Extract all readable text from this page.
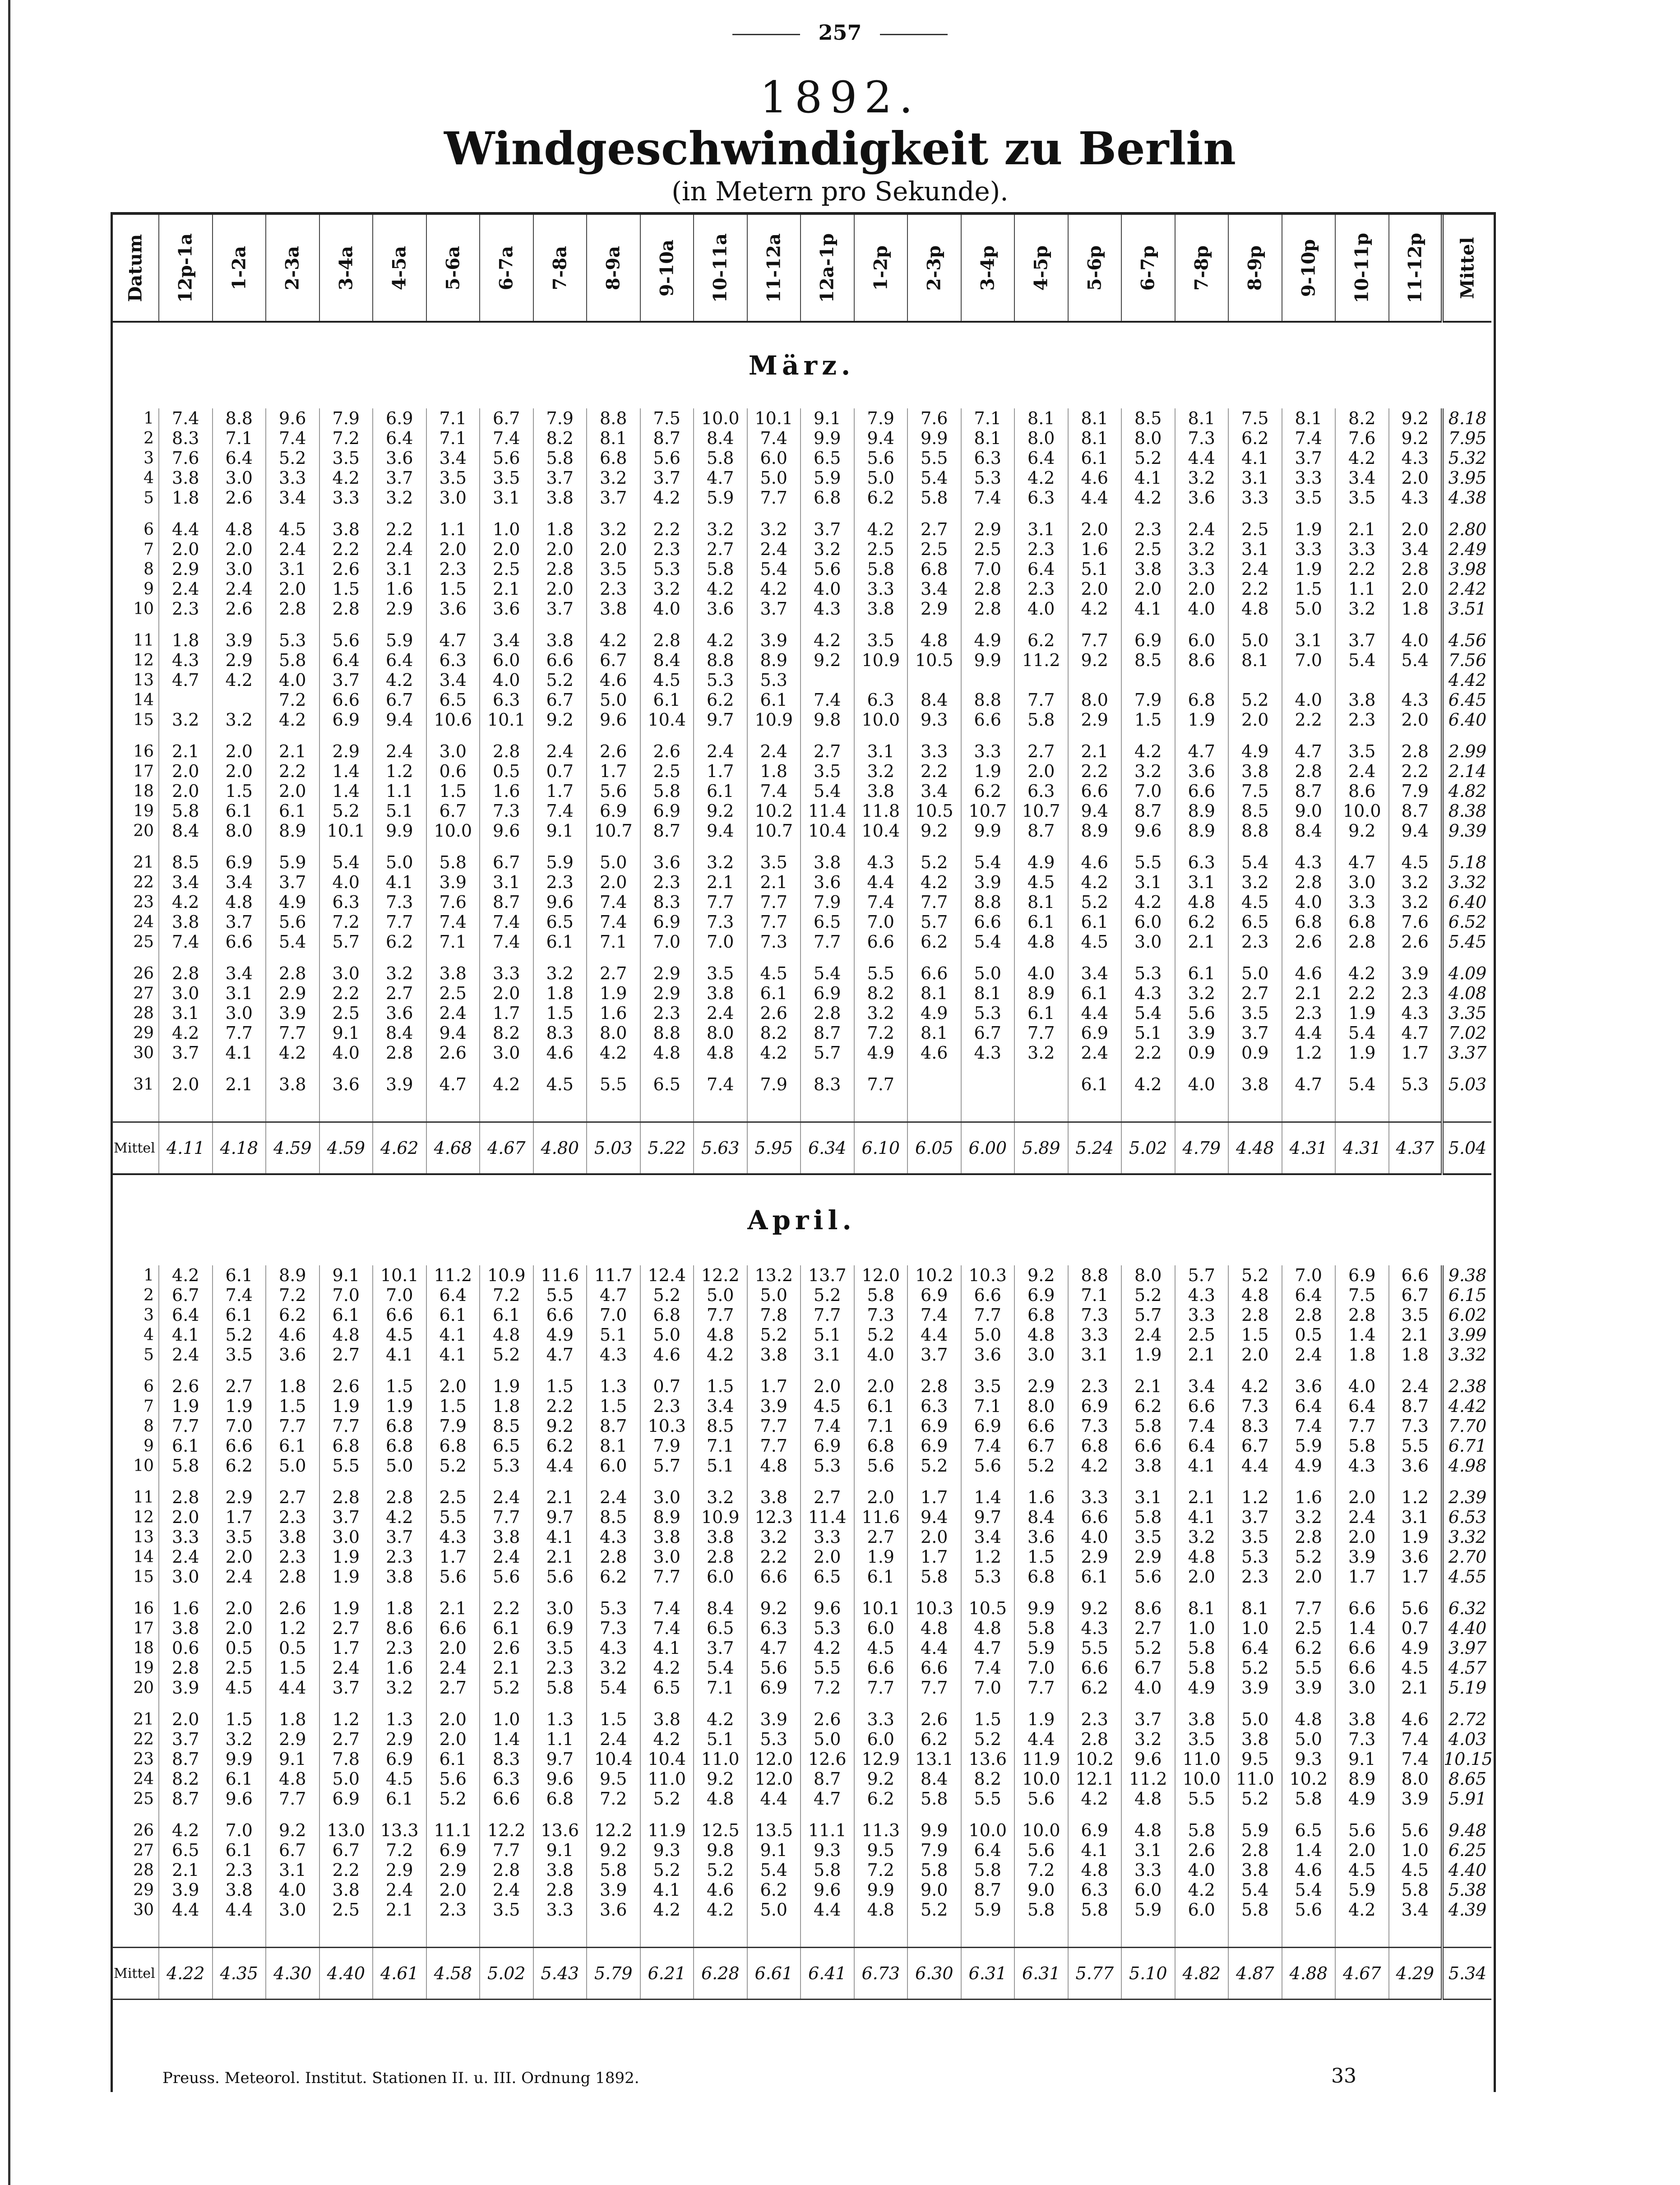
257
1892.
Windgeschwindigkeit zu Berlin
(in Metern pro Sekunde).
Datum	12p-1a	1-2a	2-3a	3-4a	4-5a	5-6a	6-7a	7-8a	8-9a	9-10a	10-11a	11-12a	12a-1p	1-2p	2-3p	3-4p	4-5p	5-6p	6-7p	7-8p	8-9p	9-10p	10-11p	11-12p	Mittel

März.																									
1	7.4	8.8	9.6	7.9	6.9	7.1	6.7	7.9	8.8	7.5	10.0	10.1	9.1	7.9	7.6	7.1	8.1	8.1	8.5	8.1	7.5	8.1	8.2	9.2	8.18
2	8.3	7.1	7.4	7.2	6.4	7.1	7.4	8.2	8.1	8.7	8.4	7.4	9.9	9.4	9.9	8.1	8.0	8.1	8.0	7.3	6.2	7.4	7.6	9.2	7.95
3	7.6	6.4	5.2	3.5	3.6	3.4	5.6	5.8	6.8	5.6	5.8	6.0	6.5	5.6	5.5	6.3	6.4	6.1	5.2	4.4	4.1	3.7	4.2	4.3	5.32
4	3.8	3.0	3.3	4.2	3.7	3.5	3.5	3.7	3.2	3.7	4.7	5.0	5.9	5.0	5.4	5.3	4.2	4.6	4.1	3.2	3.1	3.3	3.4	2.0	3.95
5	1.8	2.6	3.4	3.3	3.2	3.0	3.1	3.8	3.7	4.2	5.9	7.7	6.8	6.2	5.8	7.4	6.3	4.4	4.2	3.6	3.3	3.5	3.5	4.3	4.38

6	4.4	4.8	4.5	3.8	2.2	1.1	1.0	1.8	3.2	2.2	3.2	3.2	3.7	4.2	2.7	2.9	3.1	2.0	2.3	2.4	2.5	1.9	2.1	2.0	2.80
7	2.0	2.0	2.4	2.2	2.4	2.0	2.0	2.0	2.0	2.3	2.7	2.4	3.2	2.5	2.5	2.5	2.3	1.6	2.5	3.2	3.1	3.3	3.3	3.4	2.49
8	2.9	3.0	3.1	2.6	3.1	2.3	2.5	2.8	3.5	5.3	5.8	5.4	5.6	5.8	6.8	7.0	6.4	5.1	3.8	3.3	2.4	1.9	2.2	2.8	3.98
9	2.4	2.4	2.0	1.5	1.6	1.5	2.1	2.0	2.3	3.2	4.2	4.2	4.0	3.3	3.4	2.8	2.3	2.0	2.0	2.0	2.2	1.5	1.1	2.0	2.42
10	2.3	2.6	2.8	2.8	2.9	3.6	3.6	3.7	3.8	4.0	3.6	3.7	4.3	3.8	2.9	2.8	4.0	4.2	4.1	4.0	4.8	5.0	3.2	1.8	3.51

11	1.8	3.9	5.3	5.6	5.9	4.7	3.4	3.8	4.2	2.8	4.2	3.9	4.2	3.5	4.8	4.9	6.2	7.7	6.9	6.0	5.0	3.1	3.7	4.0	4.56
12	4.3	2.9	5.8	6.4	6.4	6.3	6.0	6.6	6.7	8.4	8.8	8.9	9.2	10.9	10.5	9.9	11.2	9.2	8.5	8.6	8.1	7.0	5.4	5.4	7.56
13	4.7	4.2	4.0	3.7	4.2	3.4	4.0	5.2	4.6	4.5	5.3	5.3													4.42
14			7.2	6.6	6.7	6.5	6.3	6.7	5.0	6.1	6.2	6.1	7.4	6.3	8.4	8.8	7.7	8.0	7.9	6.8	5.2	4.0	3.8	4.3	6.45
15	3.2	3.2	4.2	6.9	9.4	10.6	10.1	9.2	9.6	10.4	9.7	10.9	9.8	10.0	9.3	6.6	5.8	2.9	1.5	1.9	2.0	2.2	2.3	2.0	6.40

16	2.1	2.0	2.1	2.9	2.4	3.0	2.8	2.4	2.6	2.6	2.4	2.4	2.7	3.1	3.3	3.3	2.7	2.1	4.2	4.7	4.9	4.7	3.5	2.8	2.99
17	2.0	2.0	2.2	1.4	1.2	0.6	0.5	0.7	1.7	2.5	1.7	1.8	3.5	3.2	2.2	1.9	2.0	2.2	3.2	3.6	3.8	2.8	2.4	2.2	2.14
18	2.0	1.5	2.0	1.4	1.1	1.5	1.6	1.7	5.6	5.8	6.1	7.4	5.4	3.8	3.4	6.2	6.3	6.6	7.0	6.6	7.5	8.7	8.6	7.9	4.82
19	5.8	6.1	6.1	5.2	5.1	6.7	7.3	7.4	6.9	6.9	9.2	10.2	11.4	11.8	10.5	10.7	10.7	9.4	8.7	8.9	8.5	9.0	10.0	8.7	8.38
20	8.4	8.0	8.9	10.1	9.9	10.0	9.6	9.1	10.7	8.7	9.4	10.7	10.4	10.4	9.2	9.9	8.7	8.9	9.6	8.9	8.8	8.4	9.2	9.4	9.39

21	8.5	6.9	5.9	5.4	5.0	5.8	6.7	5.9	5.0	3.6	3.2	3.5	3.8	4.3	5.2	5.4	4.9	4.6	5.5	6.3	5.4	4.3	4.7	4.5	5.18
22	3.4	3.4	3.7	4.0	4.1	3.9	3.1	2.3	2.0	2.3	2.1	2.1	3.6	4.4	4.2	3.9	4.5	4.2	3.1	3.1	3.2	2.8	3.0	3.2	3.32
23	4.2	4.8	4.9	6.3	7.3	7.6	8.7	9.6	7.4	8.3	7.7	7.7	7.9	7.4	7.7	8.8	8.1	5.2	4.2	4.8	4.5	4.0	3.3	3.2	6.40
24	3.8	3.7	5.6	7.2	7.7	7.4	7.4	6.5	7.4	6.9	7.3	7.7	6.5	7.0	5.7	6.6	6.1	6.1	6.0	6.2	6.5	6.8	6.8	7.6	6.52
25	7.4	6.6	5.4	5.7	6.2	7.1	7.4	6.1	7.1	7.0	7.0	7.3	7.7	6.6	6.2	5.4	4.8	4.5	3.0	2.1	2.3	2.6	2.8	2.6	5.45

26	2.8	3.4	2.8	3.0	3.2	3.8	3.3	3.2	2.7	2.9	3.5	4.5	5.4	5.5	6.6	5.0	4.0	3.4	5.3	6.1	5.0	4.6	4.2	3.9	4.09
27	3.0	3.1	2.9	2.2	2.7	2.5	2.0	1.8	1.9	2.9	3.8	6.1	6.9	8.2	8.1	8.1	8.9	6.1	4.3	3.2	2.7	2.1	2.2	2.3	4.08
28	3.1	3.0	3.9	2.5	3.6	2.4	1.7	1.5	1.6	2.3	2.4	2.6	2.8	3.2	4.9	5.3	6.1	4.4	5.4	5.6	3.5	2.3	1.9	4.3	3.35
29	4.2	7.7	7.7	9.1	8.4	9.4	8.2	8.3	8.0	8.8	8.0	8.2	8.7	7.2	8.1	6.7	7.7	6.9	5.1	3.9	3.7	4.4	5.4	4.7	7.02
30	3.7	4.1	4.2	4.0	2.8	2.6	3.0	4.6	4.2	4.8	4.8	4.2	5.7	4.9	4.6	4.3	3.2	2.4	2.2	0.9	0.9	1.2	1.9	1.7	3.37

31	2.0	2.1	3.8	3.6	3.9	4.7	4.2	4.5	5.5	6.5	7.4	7.9	8.3	7.7				6.1	4.2	4.0	3.8	4.7	5.4	5.3	5.03

Mittel	4.11	4.18	4.59	4.59	4.62	4.68	4.67	4.80	5.03	5.22	5.63	5.95	6.34	6.10	6.05	6.00	5.89	5.24	5.02	4.79	4.48	4.31	4.31	4.37	5.04
April.																									
1	4.2	6.1	8.9	9.1	10.1	11.2	10.9	11.6	11.7	12.4	12.2	13.2	13.7	12.0	10.2	10.3	9.2	8.8	8.0	5.7	5.2	7.0	6.9	6.6	9.38
2	6.7	7.4	7.2	7.0	7.0	6.4	7.2	5.5	4.7	5.2	5.0	5.0	5.2	5.8	6.9	6.6	6.9	7.1	5.2	4.3	4.8	6.4	7.5	6.7	6.15
3	6.4	6.1	6.2	6.1	6.6	6.1	6.1	6.6	7.0	6.8	7.7	7.8	7.7	7.3	7.4	7.7	6.8	7.3	5.7	3.3	2.8	2.8	2.8	3.5	6.02
4	4.1	5.2	4.6	4.8	4.5	4.1	4.8	4.9	5.1	5.0	4.8	5.2	5.1	5.2	4.4	5.0	4.8	3.3	2.4	2.5	1.5	0.5	1.4	2.1	3.99
5	2.4	3.5	3.6	2.7	4.1	4.1	5.2	4.7	4.3	4.6	4.2	3.8	3.1	4.0	3.7	3.6	3.0	3.1	1.9	2.1	2.0	2.4	1.8	1.8	3.32

6	2.6	2.7	1.8	2.6	1.5	2.0	1.9	1.5	1.3	0.7	1.5	1.7	2.0	2.0	2.8	3.5	2.9	2.3	2.1	3.4	4.2	3.6	4.0	2.4	2.38
7	1.9	1.9	1.5	1.9	1.9	1.5	1.8	2.2	1.5	2.3	3.4	3.9	4.5	6.1	6.3	7.1	8.0	6.9	6.2	6.6	7.3	6.4	6.4	8.7	4.42
8	7.7	7.0	7.7	7.7	6.8	7.9	8.5	9.2	8.7	10.3	8.5	7.7	7.4	7.1	6.9	6.9	6.6	7.3	5.8	7.4	8.3	7.4	7.7	7.3	7.70
9	6.1	6.6	6.1	6.8	6.8	6.8	6.5	6.2	8.1	7.9	7.1	7.7	6.9	6.8	6.9	7.4	6.7	6.8	6.6	6.4	6.7	5.9	5.8	5.5	6.71
10	5.8	6.2	5.0	5.5	5.0	5.2	5.3	4.4	6.0	5.7	5.1	4.8	5.3	5.6	5.2	5.6	5.2	4.2	3.8	4.1	4.4	4.9	4.3	3.6	4.98

11	2.8	2.9	2.7	2.8	2.8	2.5	2.4	2.1	2.4	3.0	3.2	3.8	2.7	2.0	1.7	1.4	1.6	3.3	3.1	2.1	1.2	1.6	2.0	1.2	2.39
12	2.0	1.7	2.3	3.7	4.2	5.5	7.7	9.7	8.5	8.9	10.9	12.3	11.4	11.6	9.4	9.7	8.4	6.6	5.8	4.1	3.7	3.2	2.4	3.1	6.53
13	3.3	3.5	3.8	3.0	3.7	4.3	3.8	4.1	4.3	3.8	3.8	3.2	3.3	2.7	2.0	3.4	3.6	4.0	3.5	3.2	3.5	2.8	2.0	1.9	3.32
14	2.4	2.0	2.3	1.9	2.3	1.7	2.4	2.1	2.8	3.0	2.8	2.2	2.0	1.9	1.7	1.2	1.5	2.9	2.9	4.8	5.3	5.2	3.9	3.6	2.70
15	3.0	2.4	2.8	1.9	3.8	5.6	5.6	5.6	6.2	7.7	6.0	6.6	6.5	6.1	5.8	5.3	6.8	6.1	5.6	2.0	2.3	2.0	1.7	1.7	4.55

16	1.6	2.0	2.6	1.9	1.8	2.1	2.2	3.0	5.3	7.4	8.4	9.2	9.6	10.1	10.3	10.5	9.9	9.2	8.6	8.1	8.1	7.7	6.6	5.6	6.32
17	3.8	2.0	1.2	2.7	8.6	6.6	6.1	6.9	7.3	7.4	6.5	6.3	5.3	6.0	4.8	4.8	5.8	4.3	2.7	1.0	1.0	2.5	1.4	0.7	4.40
18	0.6	0.5	0.5	1.7	2.3	2.0	2.6	3.5	4.3	4.1	3.7	4.7	4.2	4.5	4.4	4.7	5.9	5.5	5.2	5.8	6.4	6.2	6.6	4.9	3.97
19	2.8	2.5	1.5	2.4	1.6	2.4	2.1	2.3	3.2	4.2	5.4	5.6	5.5	6.6	6.6	7.4	7.0	6.6	6.7	5.8	5.2	5.5	6.6	4.5	4.57
20	3.9	4.5	4.4	3.7	3.2	2.7	5.2	5.8	5.4	6.5	7.1	6.9	7.2	7.7	7.7	7.0	7.7	6.2	4.0	4.9	3.9	3.9	3.0	2.1	5.19

21	2.0	1.5	1.8	1.2	1.3	2.0	1.0	1.3	1.5	3.8	4.2	3.9	2.6	3.3	2.6	1.5	1.9	2.3	3.7	3.8	5.0	4.8	3.8	4.6	2.72
22	3.7	3.2	2.9	2.7	2.9	2.0	1.4	1.1	2.4	4.2	5.1	5.3	5.0	6.0	6.2	5.2	4.4	2.8	3.2	3.5	3.8	5.0	7.3	7.4	4.03
23	8.7	9.9	9.1	7.8	6.9	6.1	8.3	9.7	10.4	10.4	11.0	12.0	12.6	12.9	13.1	13.6	11.9	10.2	9.6	11.0	9.5	9.3	9.1	7.4	10.15
24	8.2	6.1	4.8	5.0	4.5	5.6	6.3	9.6	9.5	11.0	9.2	12.0	8.7	9.2	8.4	8.2	10.0	12.1	11.2	10.0	11.0	10.2	8.9	8.0	8.65
25	8.7	9.6	7.7	6.9	6.1	5.2	6.6	6.8	7.2	5.2	4.8	4.4	4.7	6.2	5.8	5.5	5.6	4.2	4.8	5.5	5.2	5.8	4.9	3.9	5.91

26	4.2	7.0	9.2	13.0	13.3	11.1	12.2	13.6	12.2	11.9	12.5	13.5	11.1	11.3	9.9	10.0	10.0	6.9	4.8	5.8	5.9	6.5	5.6	5.6	9.48
27	6.5	6.1	6.7	6.7	7.2	6.9	7.7	9.1	9.2	9.3	9.8	9.1	9.3	9.5	7.9	6.4	5.6	4.1	3.1	2.6	2.8	1.4	2.0	1.0	6.25
28	2.1	2.3	3.1	2.2	2.9	2.9	2.8	3.8	5.8	5.2	5.2	5.4	5.8	7.2	5.8	5.8	7.2	4.8	3.3	4.0	3.8	4.6	4.5	4.5	4.40
29	3.9	3.8	4.0	3.8	2.4	2.0	2.4	2.8	3.9	4.1	4.6	6.2	9.6	9.9	9.0	8.7	9.0	6.3	6.0	4.2	5.4	5.4	5.9	5.8	5.38
30	4.4	4.4	3.0	2.5	2.1	2.3	3.5	3.3	3.6	4.2	4.2	5.0	4.4	4.8	5.2	5.9	5.8	5.8	5.9	6.0	5.8	5.6	4.2	3.4	4.39

Mittel	4.22	4.35	4.30	4.40	4.61	4.58	5.02	5.43	5.79	6.21	6.28	6.61	6.41	6.73	6.30	6.31	6.31	5.77	5.10	4.82	4.87	4.88	4.67	4.29	5.34
Preuss. Meteorol. Institut. Stationen II. u. III. Ordnung 1892.	33
